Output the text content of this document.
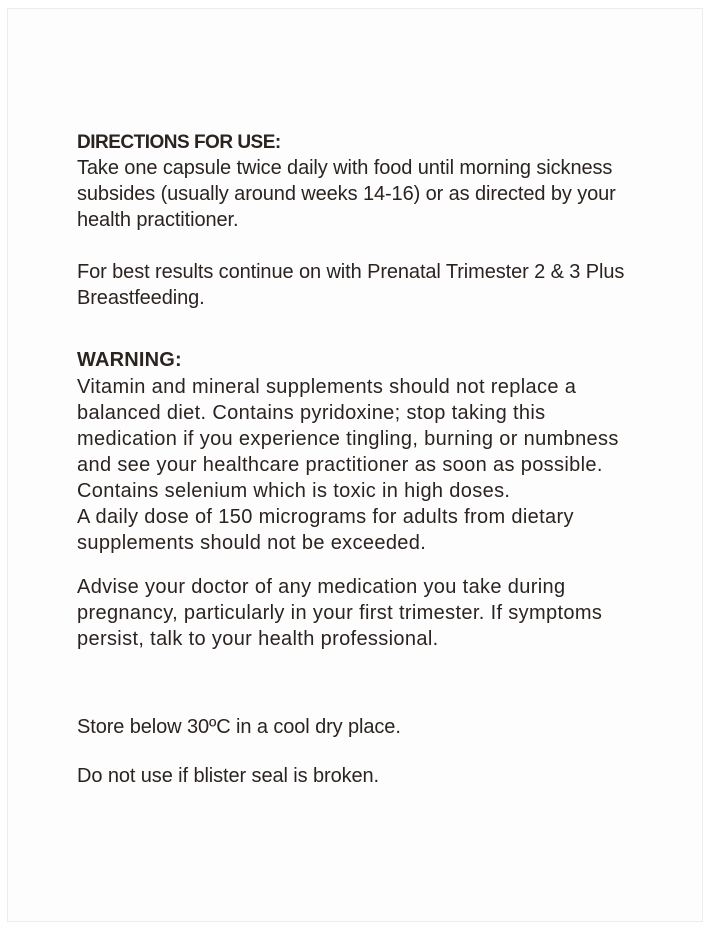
DIRECTIONS FOR USE:

Take one capsule twice daily with food until morning sickness
subsides (usually around weeks 14-16) or as directed by your
health practitioner.

For best results continue on with Prenatal Trimester 2 & 3 Plus
Breastfeeding.

WARNING:

Vitamin and mineral supplements should not replace a
balanced diet. Contains pyridoxine; stop taking this
medication if you experience tingling, burning or numbness
and see your healthcare practitioner as soon as possible.
Contains selenium which is toxic in high doses.
A daily dose of 150 micrograms for adults from dietary
supplements should not be exceeded.

Advise your doctor of any medication you take during
pregnancy, particularly in your first trimester. If symptoms
persist, talk to your health professional.

Store below 30ºC in a cool dry place.

Do not use if blister seal is broken.
